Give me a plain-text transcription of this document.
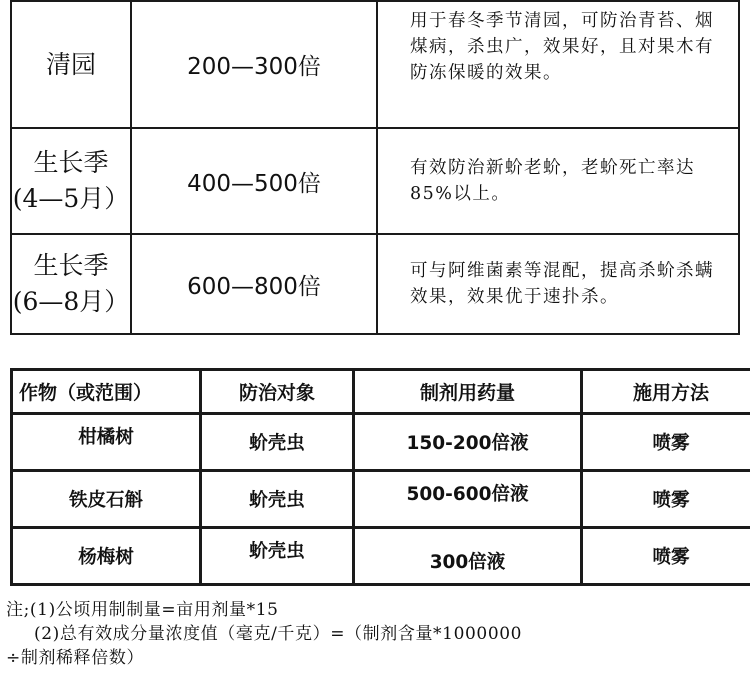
清园	200—300倍	用于春冬季节清园，可防治青苔、烟煤病，杀虫广，效果好，且对果木有防冻保暖的效果。

生长季
(4—5月）	400—500倍	有效防治新蚧老蚧，老蚧死亡率达85%以上。

生长季
(6—8月）	600—800倍	可与阿维菌素等混配，提高杀蚧杀螨效果，效果优于速扑杀。
作物（或范围）	防治对象	制剂用药量	施用方法
柑橘树	蚧壳虫	150-200倍液	喷雾
铁皮石斛	蚧壳虫	500-600倍液	喷雾
杨梅树	蚧壳虫	300倍液	喷雾
注;(1)公顷用制制量=亩用剂量*15
(2)总有效成分量浓度值（毫克/千克）=（制剂含量*1000000
÷制剂稀释倍数）
